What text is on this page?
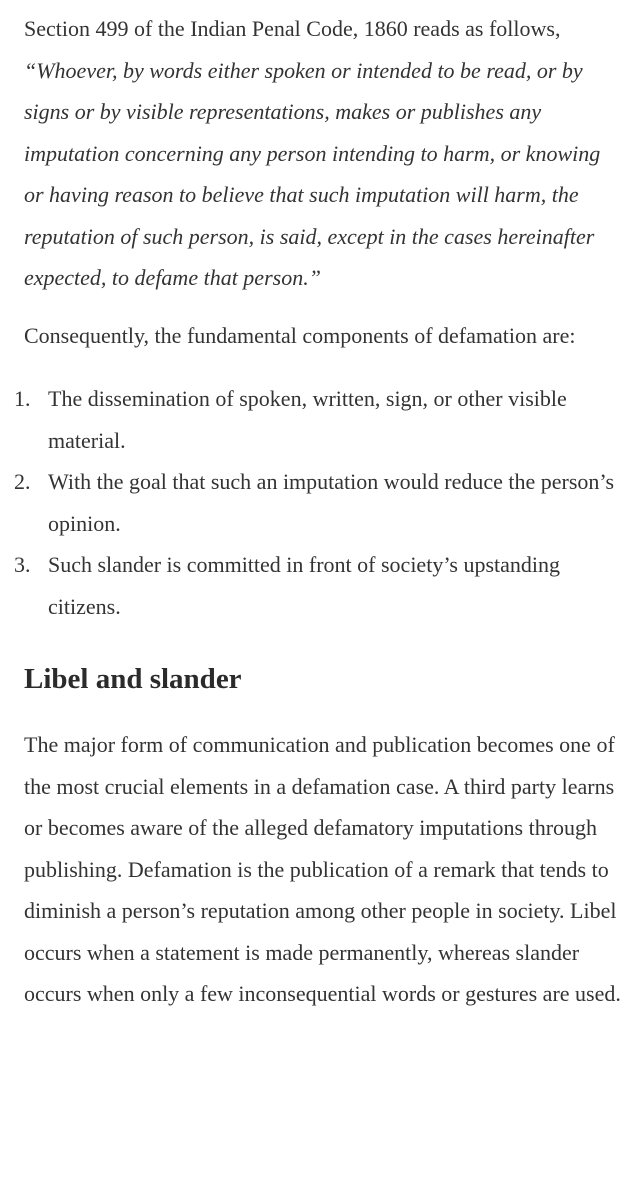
Section 499 of the Indian Penal Code, 1860 reads as follows, “Whoever, by words either spoken or intended to be read, or by signs or by visible representations, makes or publishes any imputation concerning any person intending to harm, or knowing or having reason to believe that such imputation will harm, the reputation of such person, is said, except in the cases hereinafter expected, to defame that person.”

Consequently, the fundamental components of defamation are:

1. The dissemination of spoken, written, sign, or other visible material.
2. With the goal that such an imputation would reduce the person’s opinion.
3. Such slander is committed in front of society’s upstanding citizens.
Libel and slander

The major form of communication and publication becomes one of the most crucial elements in a defamation case. A third party learns or becomes aware of the alleged defamatory imputations through publishing. Defamation is the publication of a remark that tends to diminish a person’s reputation among other people in society. Libel occurs when a statement is made permanently, whereas slander occurs when only a few inconsequential words or gestures are used.
